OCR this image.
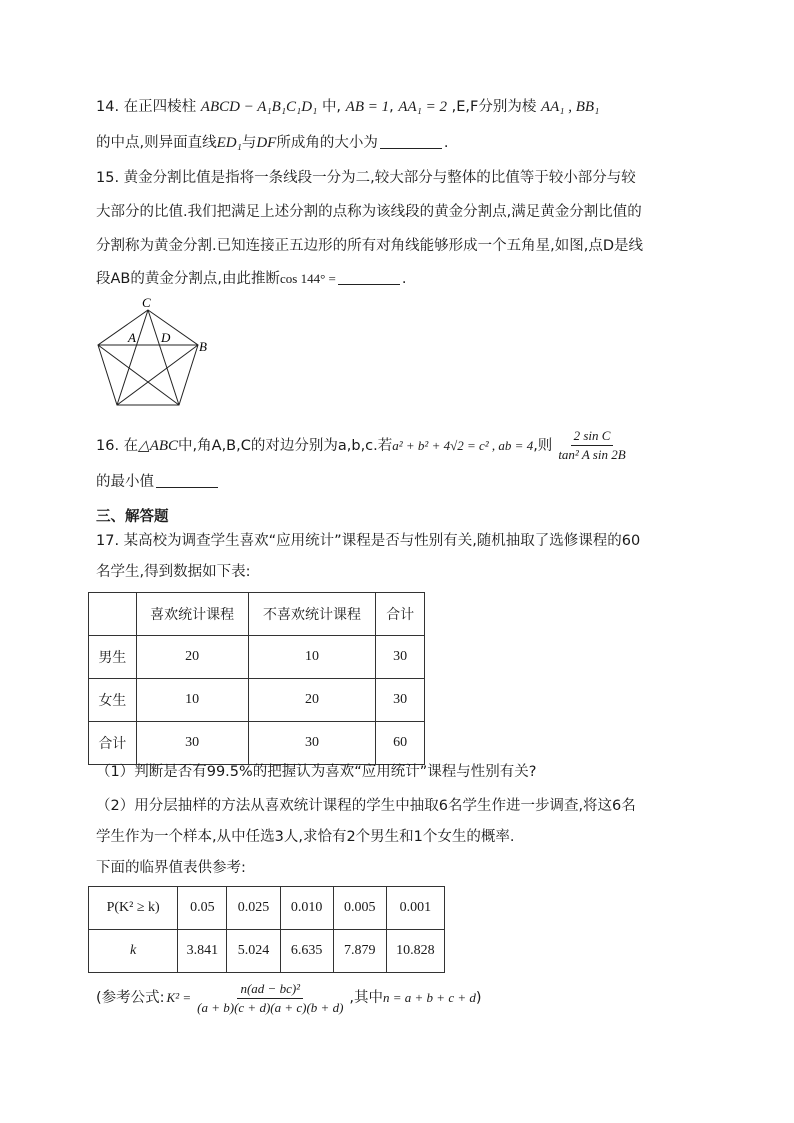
14. 在正四棱柱 ABCD − A₁B₁C₁D₁ 中, AB = 1, AA₁ = 2 ,E,F分别为棱 AA₁ , BB₁
的中点,则异面直线ED₁与DF所成角的大小为	.
15. 黄金分割比值是指将一条线段一分为二,较大部分与整体的比值等于较小部分与较
大部分的比值.我们把满足上述分割的点称为该线段的黄金分割点,满足黄金分割比值的
分割称为黄金分割.已知连接正五边形的所有对角线能够形成一个五角星,如图,点D是线
段AB的黄金分割点,由此推断cos 144° =	.
C
A D
B
16.
在 △ABC 中,角A,B,C的对边分别为a,b,c.若 a² + b² + 4√2 = c² , ab = 4 ,则 $\frac{\text{2 sin C}}{\text{tan² A sin 2B}}$
的最小值
三、解答题
17. 某高校为调查学生喜欢“应用统计”课程是否与性别有关,随机抽取了选修课程的60
名学生,得到数据如下表:
	喜欢统计课程	不喜欢统计课程	合计
男生	20	10	30
女生	10	20	30
合计	30	30	60
（1）判断是否有99.5%的把握认为喜欢“应用统计”课程与性别有关?
（2）用分层抽样的方法从喜欢统计课程的学生中抽取6名学生作进一步调查,将这6名
学生作为一个样本,从中任选3人,求恰有2个男生和1个女生的概率.
下面的临界值表供参考:
P(K² ≥ k)	0.05	0.025	0.010	0.005	0.001
k	3.841	5.024	6.635	7.879	10.828
(参考公式: $K^2 = \frac{\text{n(ad − bc)²}}{(a + b)(c + d)(a + c)(b + d)}$ ,其中 n = a + b + c + d )
